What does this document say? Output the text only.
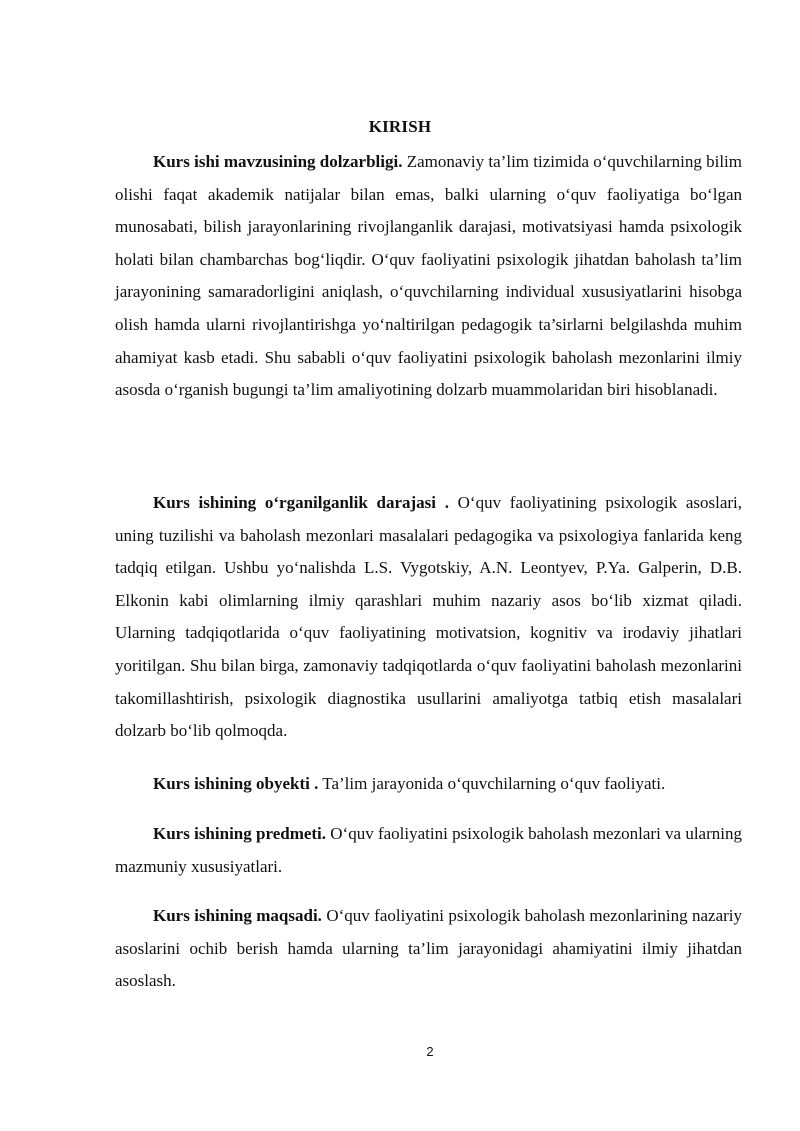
KIRISH

Kurs ishi mavzusining dolzarbligi. Zamonaviy ta’lim tizimida o‘quvchilarning bilim olishi faqat akademik natijalar bilan emas, balki ularning o‘quv faoliyatiga bo‘lgan munosabati, bilish jarayonlarining rivojlanganlik darajasi, motivatsiyasi hamda psixologik holati bilan chambarchas bog‘liqdir. O‘quv faoliyatini psixologik jihatdan baholash ta’lim jarayonining samaradorligini aniqlash, o‘quvchilarning individual xususiyatlarini hisobga olish hamda ularni rivojlantirishga yo‘naltirilgan pedagogik ta’sirlarni belgilashda muhim ahamiyat kasb etadi. Shu sababli o‘quv faoliyatini psixologik baholash mezonlarini ilmiy asosda o‘rganish bugungi ta’lim amaliyotining dolzarb muammolaridan biri hisoblanadi.

Kurs ishining o‘rganilganlik darajasi . O‘quv faoliyatining psixologik asoslari, uning tuzilishi va baholash mezonlari masalalari pedagogika va psixologiya fanlarida keng tadqiq etilgan. Ushbu yo‘nalishda L.S. Vygotskiy, A.N. Leontyev, P.Ya. Galperin, D.B. Elkonin kabi olimlarning ilmiy qarashlari muhim nazariy asos bo‘lib xizmat qiladi. Ularning tadqiqotlarida o‘quv faoliyatining motivatsion, kognitiv va irodaviy jihatlari yoritilgan. Shu bilan birga, zamonaviy tadqiqotlarda o‘quv faoliyatini baholash mezonlarini takomillashtirish, psixologik diagnostika usullarini amaliyotga tatbiq etish masalalari dolzarb bo‘lib qolmoqda.

Kurs ishining obyekti . Ta’lim jarayonida o‘quvchilarning o‘quv faoliyati.

Kurs ishining predmeti. O‘quv faoliyatini psixologik baholash mezonlari va ularning mazmuniy xususiyatlari.

Kurs ishining maqsadi. O‘quv faoliyatini psixologik baholash mezonlarining nazariy asoslarini ochib berish hamda ularning ta’lim jarayonidagi ahamiyatini ilmiy jihatdan asoslash.

2
